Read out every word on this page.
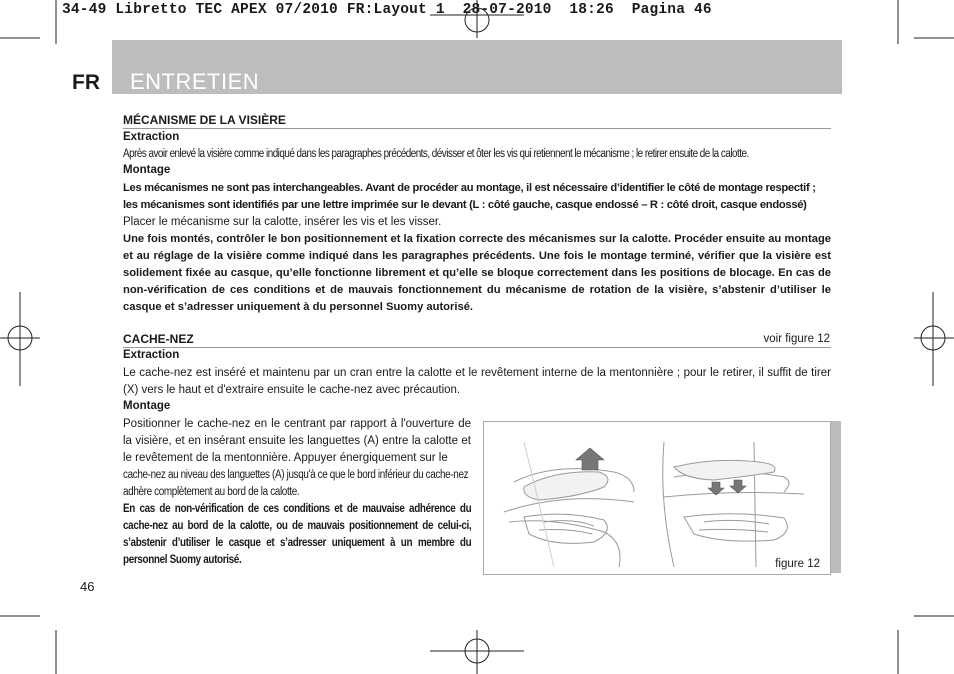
34-49 Libretto TEC APEX 07/2010 FR:Layout 1  28-07-2010  18:26  Pagina 46
FR ENTRETIEN
MÉCANISME DE LA VISIÈRE
Extraction
Après avoir enlevé la visière comme indiqué dans les paragraphes précédents, dévisser et ôter les vis qui retiennent le mécanisme ; le retirer ensuite de la calotte.
Montage
Les mécanismes ne sont pas interchangeables. Avant de procéder au montage, il est nécessaire d’identifier le côté de montage respectif ;
les mécanismes sont identifiés par une lettre imprimée sur le devant (L : côté gauche, casque endossé – R : côté droit, casque endossé)
Placer le mécanisme sur la calotte, insérer les vis et les visser.
Une fois montés, contrôler le bon positionnement et la fixation correcte des mécanismes sur la calotte. Procéder ensuite au montage et au réglage de la visière comme indiqué dans les paragraphes précédents. Une fois le montage terminé, vérifier que la visière est solidement fixée au casque, qu’elle fonctionne librement et qu’elle se bloque correctement dans les positions de blocage. En cas de non-vérification de ces conditions et de mauvais fonctionnement du mécanisme de rotation de la visière, s’abstenir d’utiliser le casque et s’adresser uniquement à du personnel Suomy autorisé.
CACHE-NEZ	voir figure 12
Extraction
Le cache-nez est inséré et maintenu par un cran entre la calotte et le revêtement interne de la mentonnière ; pour le retirer, il suffit de tirer (X) vers le haut et d'extraire ensuite le cache-nez avec précaution.
Montage
Positionner le cache-nez en le centrant par rapport à l'ouverture de la visière, et en insérant ensuite les languettes (A) entre la calotte et le revêtement de la mentonnière. Appuyer énergiquement sur le
cache-nez au niveau des languettes (A) jusqu'à ce que le bord inférieur du cache-nez adhère complètement au bord de la calotte.
En cas de non-vérification de ces conditions et de mauvaise adhérence du cache-nez au bord de la calotte, ou de mauvais positionnement de celui-ci, s’abstenir d’utiliser le casque et s’adresser uniquement à un membre du personnel Suomy autorisé.	figure 12
46
